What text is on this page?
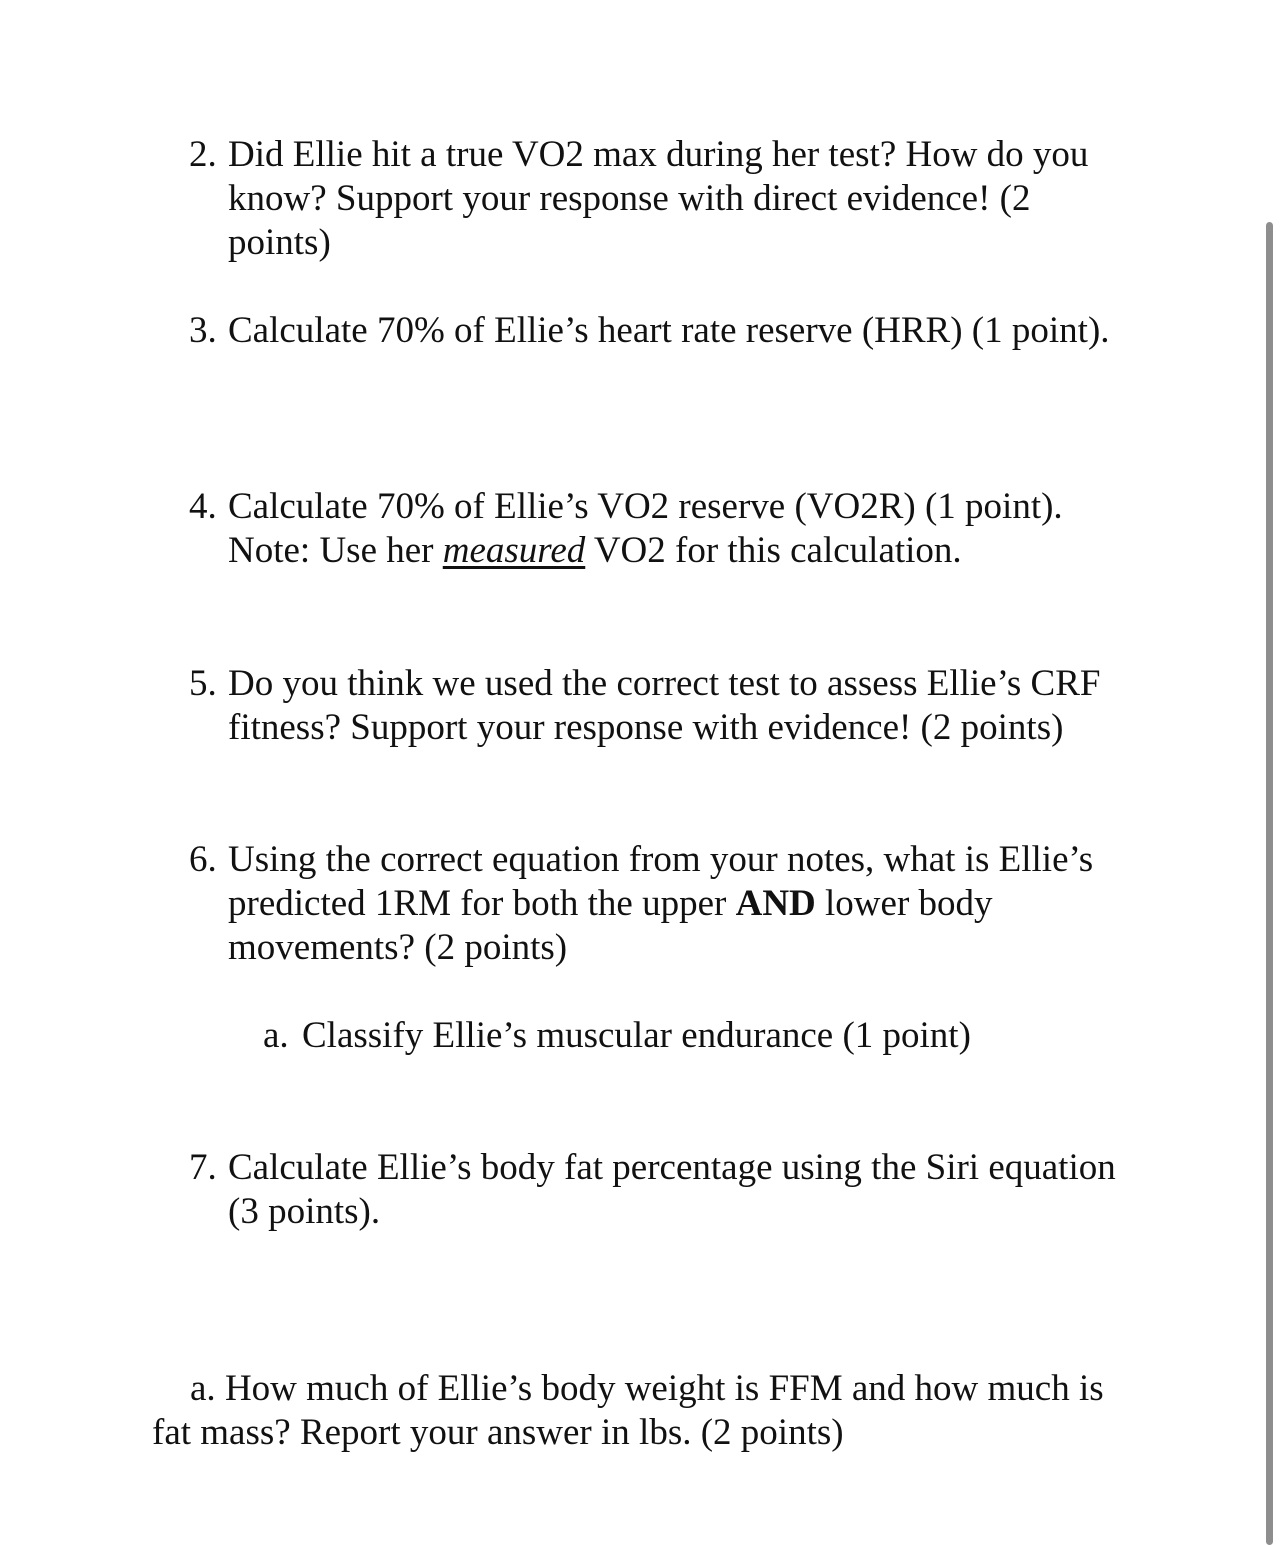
2. Did Ellie hit a true VO2 max during her test? How do you
know? Support your response with direct evidence! (2
points)
3. Calculate 70% of Ellie’s heart rate reserve (HRR) (1 point).
4. Calculate 70% of Ellie’s VO2 reserve (VO2R) (1 point).
Note: Use her measured VO2 for this calculation.
5. Do you think we used the correct test to assess Ellie’s CRF
fitness? Support your response with evidence! (2 points)
6. Using the correct equation from your notes, what is Ellie’s
predicted 1RM for both the upper AND lower body
movements? (2 points)
a. Classify Ellie’s muscular endurance (1 point)
7. Calculate Ellie’s body fat percentage using the Siri equation
(3 points).
a. How much of Ellie’s body weight is FFM and how much is
fat mass? Report your answer in lbs. (2 points)
